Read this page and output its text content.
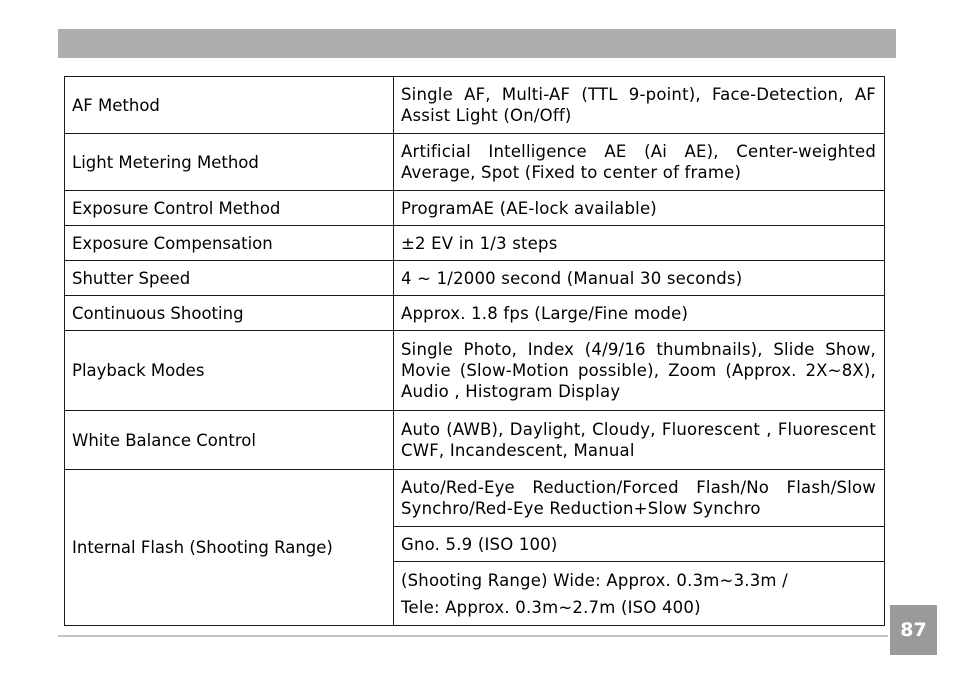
AF Method	Single AF, Multi-AF (TTL 9-point), Face-Detection, AF Assist Light (On/Off)
Light Metering Method	Artificial Intelligence AE (Ai AE), Center-weighted Average, Spot (Fixed to center of frame)
Exposure Control Method	ProgramAE (AE-lock available)
Exposure Compensation	±2 EV in 1/3 steps
Shutter Speed	4 ~ 1/2000 second (Manual 30 seconds)
Continuous Shooting	Approx. 1.8 fps (Large/Fine mode)
Playback Modes	Single Photo, Index (4/9/16 thumbnails), Slide Show, Movie (Slow-Motion possible), Zoom (Approx. 2X~8X), Audio , Histogram Display
White Balance Control	Auto (AWB), Daylight, Cloudy, Fluorescent , Fluorescent CWF, Incandescent, Manual
Internal Flash (Shooting Range)	Auto/Red-Eye Reduction/Forced Flash/No Flash/Slow Synchro/Red-Eye Reduction+Slow Synchro
	Gno. 5.9 (ISO 100)

	(Shooting Range) Wide: Approx. 0.3m~3.3m /
Tele: Approx. 0.3m~2.7m (ISO 400)
87
